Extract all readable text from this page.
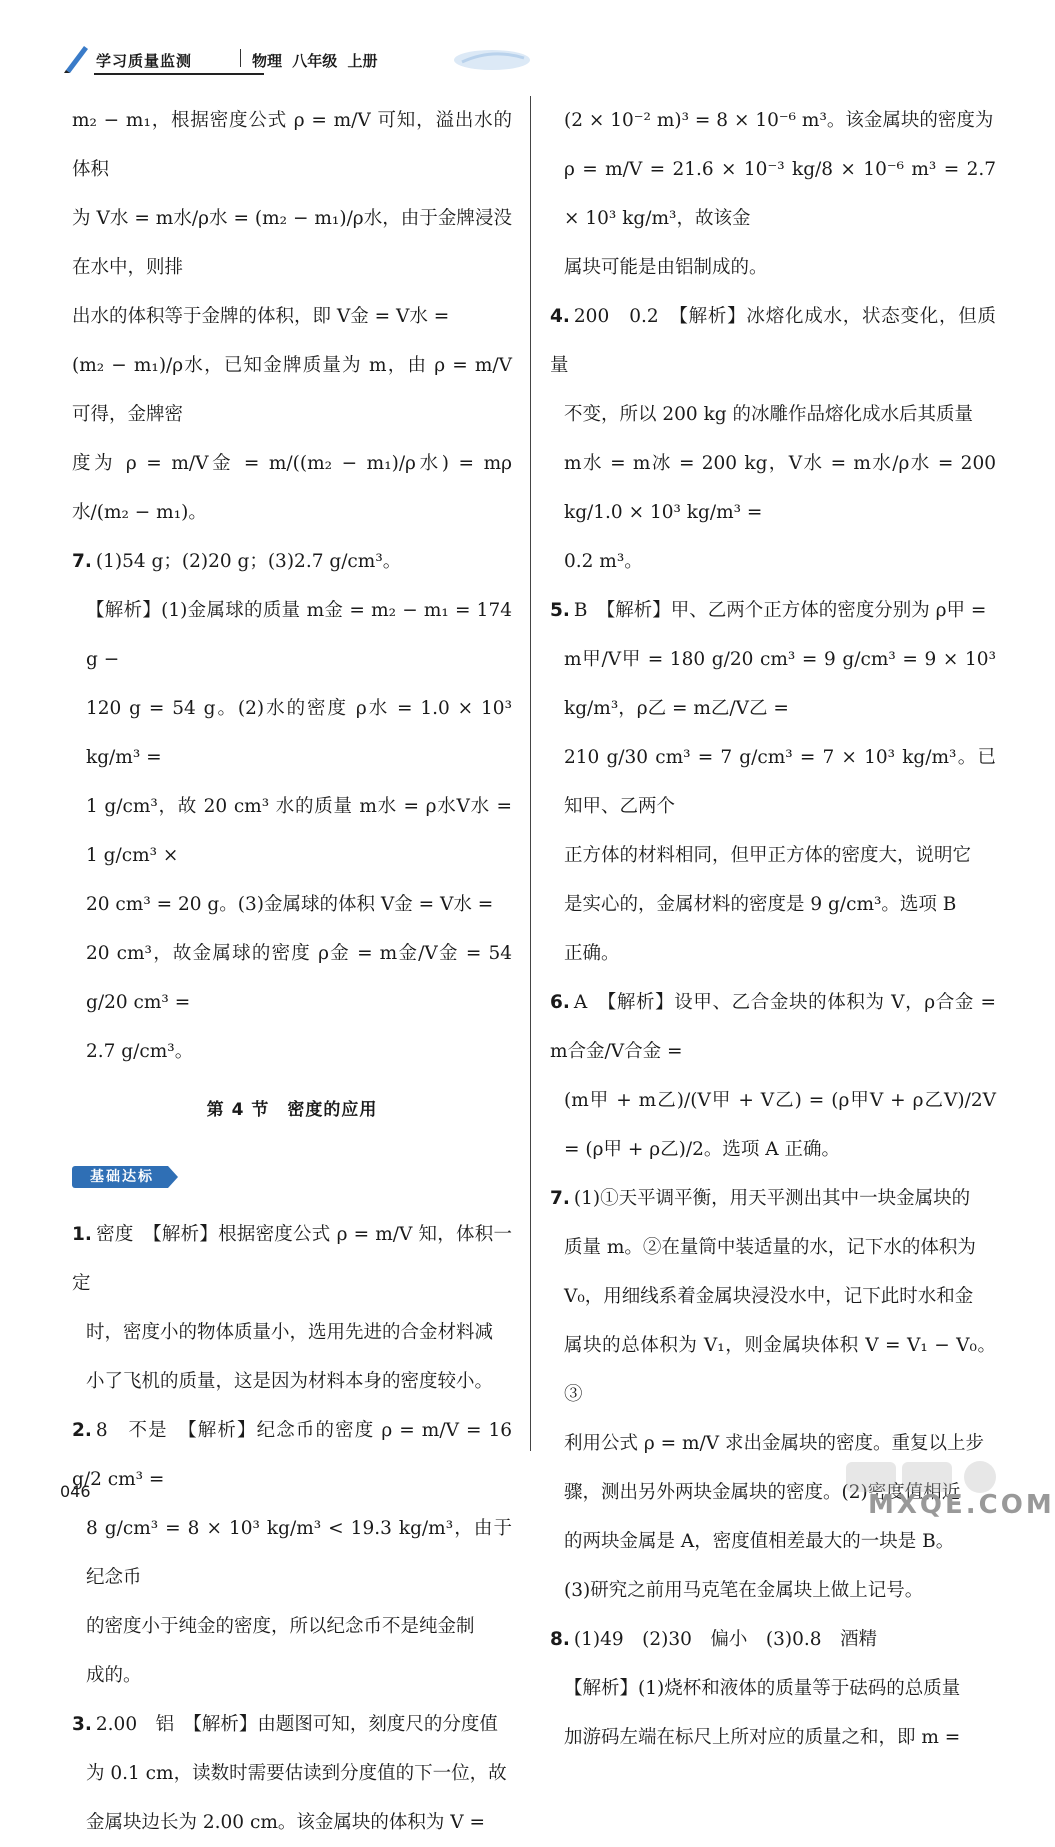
学习质量监测	物理 八年级 上册

m₂ − m₁，根据密度公式 ρ = m/V 可知，溢出水的体积

为 V水 = m水/ρ水 = (m₂ − m₁)/ρ水，由于金牌浸没在水中，则排

出水的体积等于金牌的体积，即 V金 = V水 =

(m₂ − m₁)/ρ水，已知金牌质量为 m，由 ρ = m/V 可得，金牌密

度为 ρ = m/V金 = m/((m₂ − m₁)/ρ水) = mρ水/(m₂ − m₁)。

7. (1)54 g；(2)20 g；(3)2.7 g/cm³。

【解析】(1)金属球的质量 m金 = m₂ − m₁ = 174 g −

120 g = 54 g。(2)水的密度 ρ水 = 1.0 × 10³ kg/m³ =

1 g/cm³，故 20 cm³ 水的质量 m水 = ρ水V水 = 1 g/cm³ ×

20 cm³ = 20 g。(3)金属球的体积 V金 = V水 =

20 cm³，故金属球的密度 ρ金 = m金/V金 = 54 g/20 cm³ =

2.7 g/cm³。

第 4 节　密度的应用
基础达标

1. 密度　【解析】根据密度公式 ρ = m/V 知，体积一定

时，密度小的物体质量小，选用先进的合金材料减

小了飞机的质量，这是因为材料本身的密度较小。

2. 8　不是　【解析】纪念币的密度 ρ = m/V = 16 g/2 cm³ =

8 g/cm³ = 8 × 10³ kg/m³ < 19.3 kg/m³，由于纪念币

的密度小于纯金的密度，所以纪念币不是纯金制

成的。

3. 2.00　铝　【解析】由题图可知，刻度尺的分度值

为 0.1 cm，读数时需要估读到分度值的下一位，故

金属块边长为 2.00 cm。该金属块的体积为 V =

(2 × 10⁻² m)³ = 8 × 10⁻⁶ m³。该金属块的密度为

ρ = m/V = 21.6 × 10⁻³ kg/8 × 10⁻⁶ m³ = 2.7 × 10³ kg/m³，故该金

属块可能是由铝制成的。

4. 200　0.2　【解析】冰熔化成水，状态变化，但质量

不变，所以 200 kg 的冰雕作品熔化成水后其质量

m水 = m冰 = 200 kg，V水 = m水/ρ水 = 200 kg/1.0 × 10³ kg/m³ =

0.2 m³。

5. B　【解析】甲、乙两个正方体的密度分别为 ρ甲 =

m甲/V甲 = 180 g/20 cm³ = 9 g/cm³ = 9 × 10³ kg/m³，ρ乙 = m乙/V乙 =

210 g/30 cm³ = 7 g/cm³ = 7 × 10³ kg/m³。已知甲、乙两个

正方体的材料相同，但甲正方体的密度大，说明它

是实心的，金属材料的密度是 9 g/cm³。选项 B

正确。

6. A　【解析】设甲、乙合金块的体积为 V，ρ合金 = m合金/V合金 =

(m甲 + m乙)/(V甲 + V乙) = (ρ甲V + ρ乙V)/2V = (ρ甲 + ρ乙)/2。选项 A 正确。

7. (1)①天平调平衡，用天平测出其中一块金属块的

质量 m。②在量筒中装适量的水，记下水的体积为

V₀，用细线系着金属块浸没水中，记下此时水和金

属块的总体积为 V₁，则金属块体积 V = V₁ − V₀。③

利用公式 ρ = m/V 求出金属块的密度。重复以上步

骤，测出另外两块金属块的密度。(2)密度值相近

的两块金属是 A，密度值相差最大的一块是 B。

(3)研究之前用马克笔在金属块上做上记号。

8. (1)49　(2)30　偏小　(3)0.8　酒精

【解析】(1)烧杯和液体的质量等于砝码的总质量

加游码左端在标尺上所对应的质量之和，即 m =

046	MXQE.COM
